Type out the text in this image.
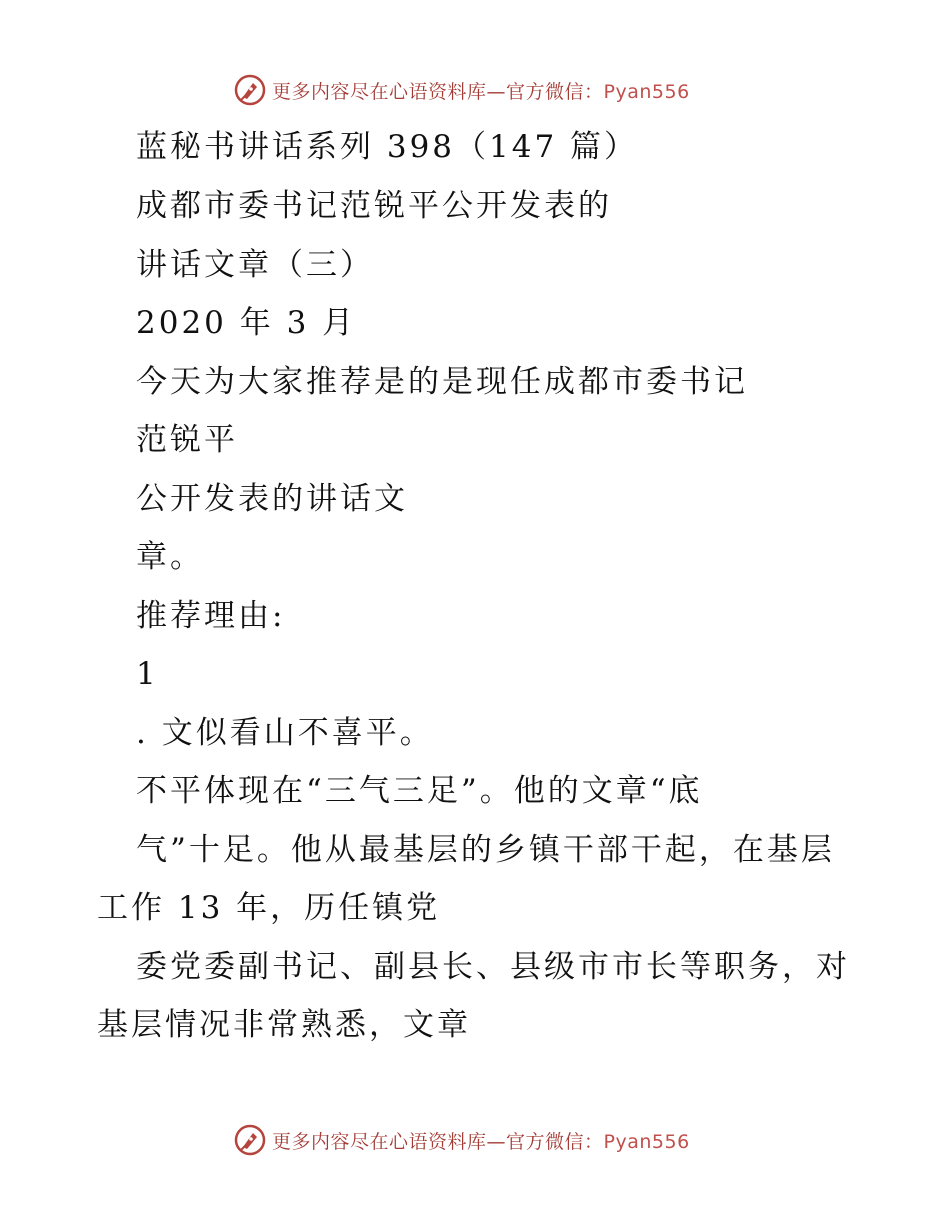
更多内容尽在心语资料库—官方微信：Pyan556
蓝秘书讲话系列 398（147 篇）
成都市委书记范锐平公开发表的
讲话文章（三）
2020 年 3 月
今天为大家推荐是的是现任成都市委书记
范锐平
公开发表的讲话文
章。
推荐理由:
1
. 文似看山不喜平。
不平体现在“三气三足”。他的文章“底
气”十足。他从最基层的乡镇干部干起，在基层
工作 13 年，历任镇党
委党委副书记、副县长、县级市市长等职务，对
基层情况非常熟悉，文章
更多内容尽在心语资料库—官方微信：Pyan556
